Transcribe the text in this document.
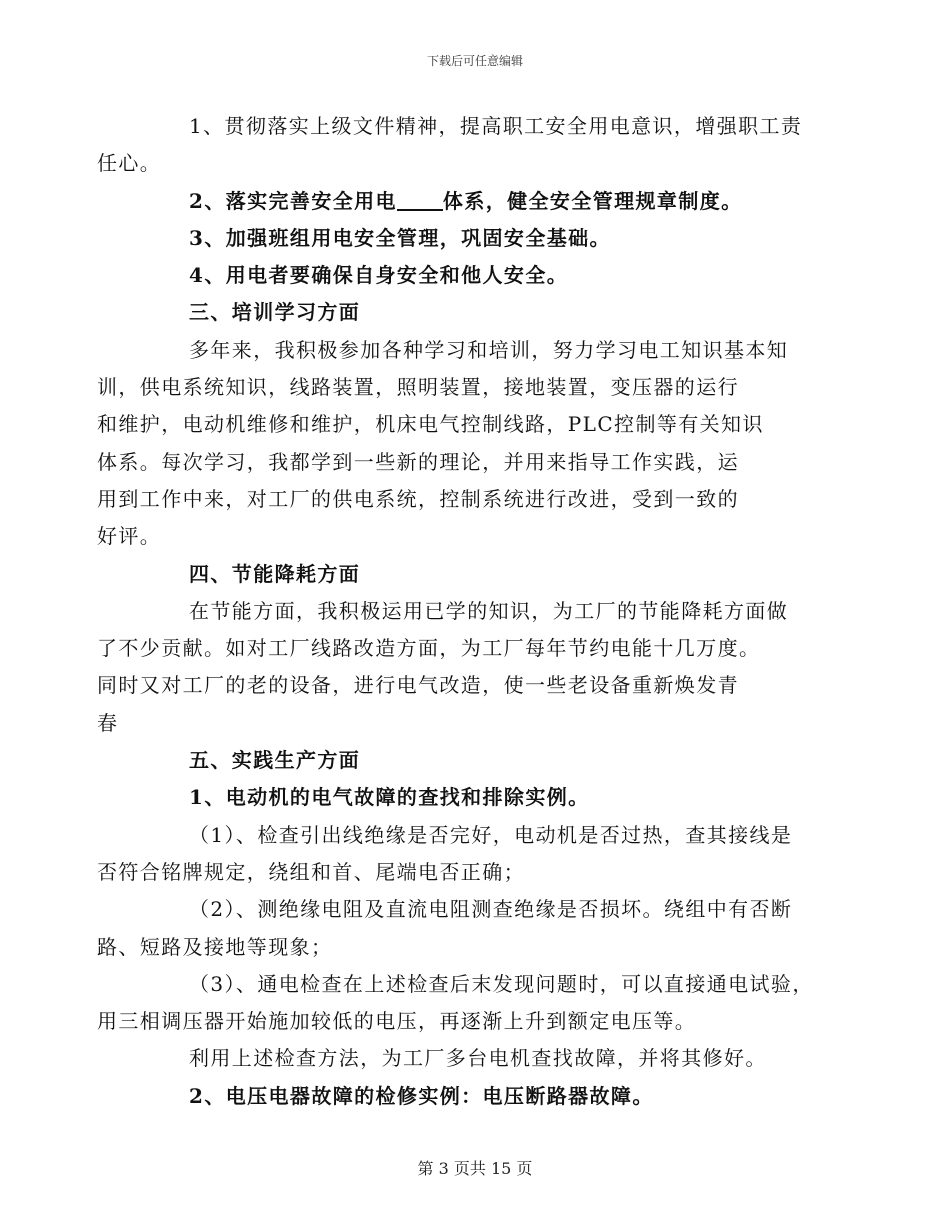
下载后可任意编辑

1、贯彻落实上级文件精神，提高职工安全用电意识，增强职工责
任心。

2、落实完善安全用电 体系，健全安全管理规章制度。

3、加强班组用电安全管理，巩固安全基础。

4、用电者要确保自身安全和他人安全。

三、培训学习方面

多年来，我积极参加各种学习和培训，努力学习电工知识基本知
训，供电系统知识，线路装置，照明装置，接地装置，变压器的运行
和维护，电动机维修和维护，机床电气控制线路，PLC控制等有关知识
体系。每次学习，我都学到一些新的理论，并用来指导工作实践，运
用到工作中来，对工厂的供电系统，控制系统进行改进，受到一致的
好评。

四、节能降耗方面

在节能方面，我积极运用已学的知识，为工厂的节能降耗方面做
了不少贡献。如对工厂线路改造方面，为工厂每年节约电能十几万度。
同时又对工厂的老的设备，进行电气改造，使一些老设备重新焕发青
春

五、实践生产方面

1、电动机的电气故障的查找和排除实例。

（1）、检查引出线绝缘是否完好，电动机是否过热，查其接线是
否符合铭牌规定，绕组和首、尾端电否正确；

（2）、测绝缘电阻及直流电阻测查绝缘是否损坏。绕组中有否断
路、短路及接地等现象；

（3）、通电检查在上述检查后末发现问题时，可以直接通电试验，
用三相调压器开始施加较低的电压，再逐渐上升到额定电压等。

利用上述检查方法，为工厂多台电机查找故障，并将其修好。

2、电压电器故障的检修实例：电压断路器故障。

第 3 页共 15 页
